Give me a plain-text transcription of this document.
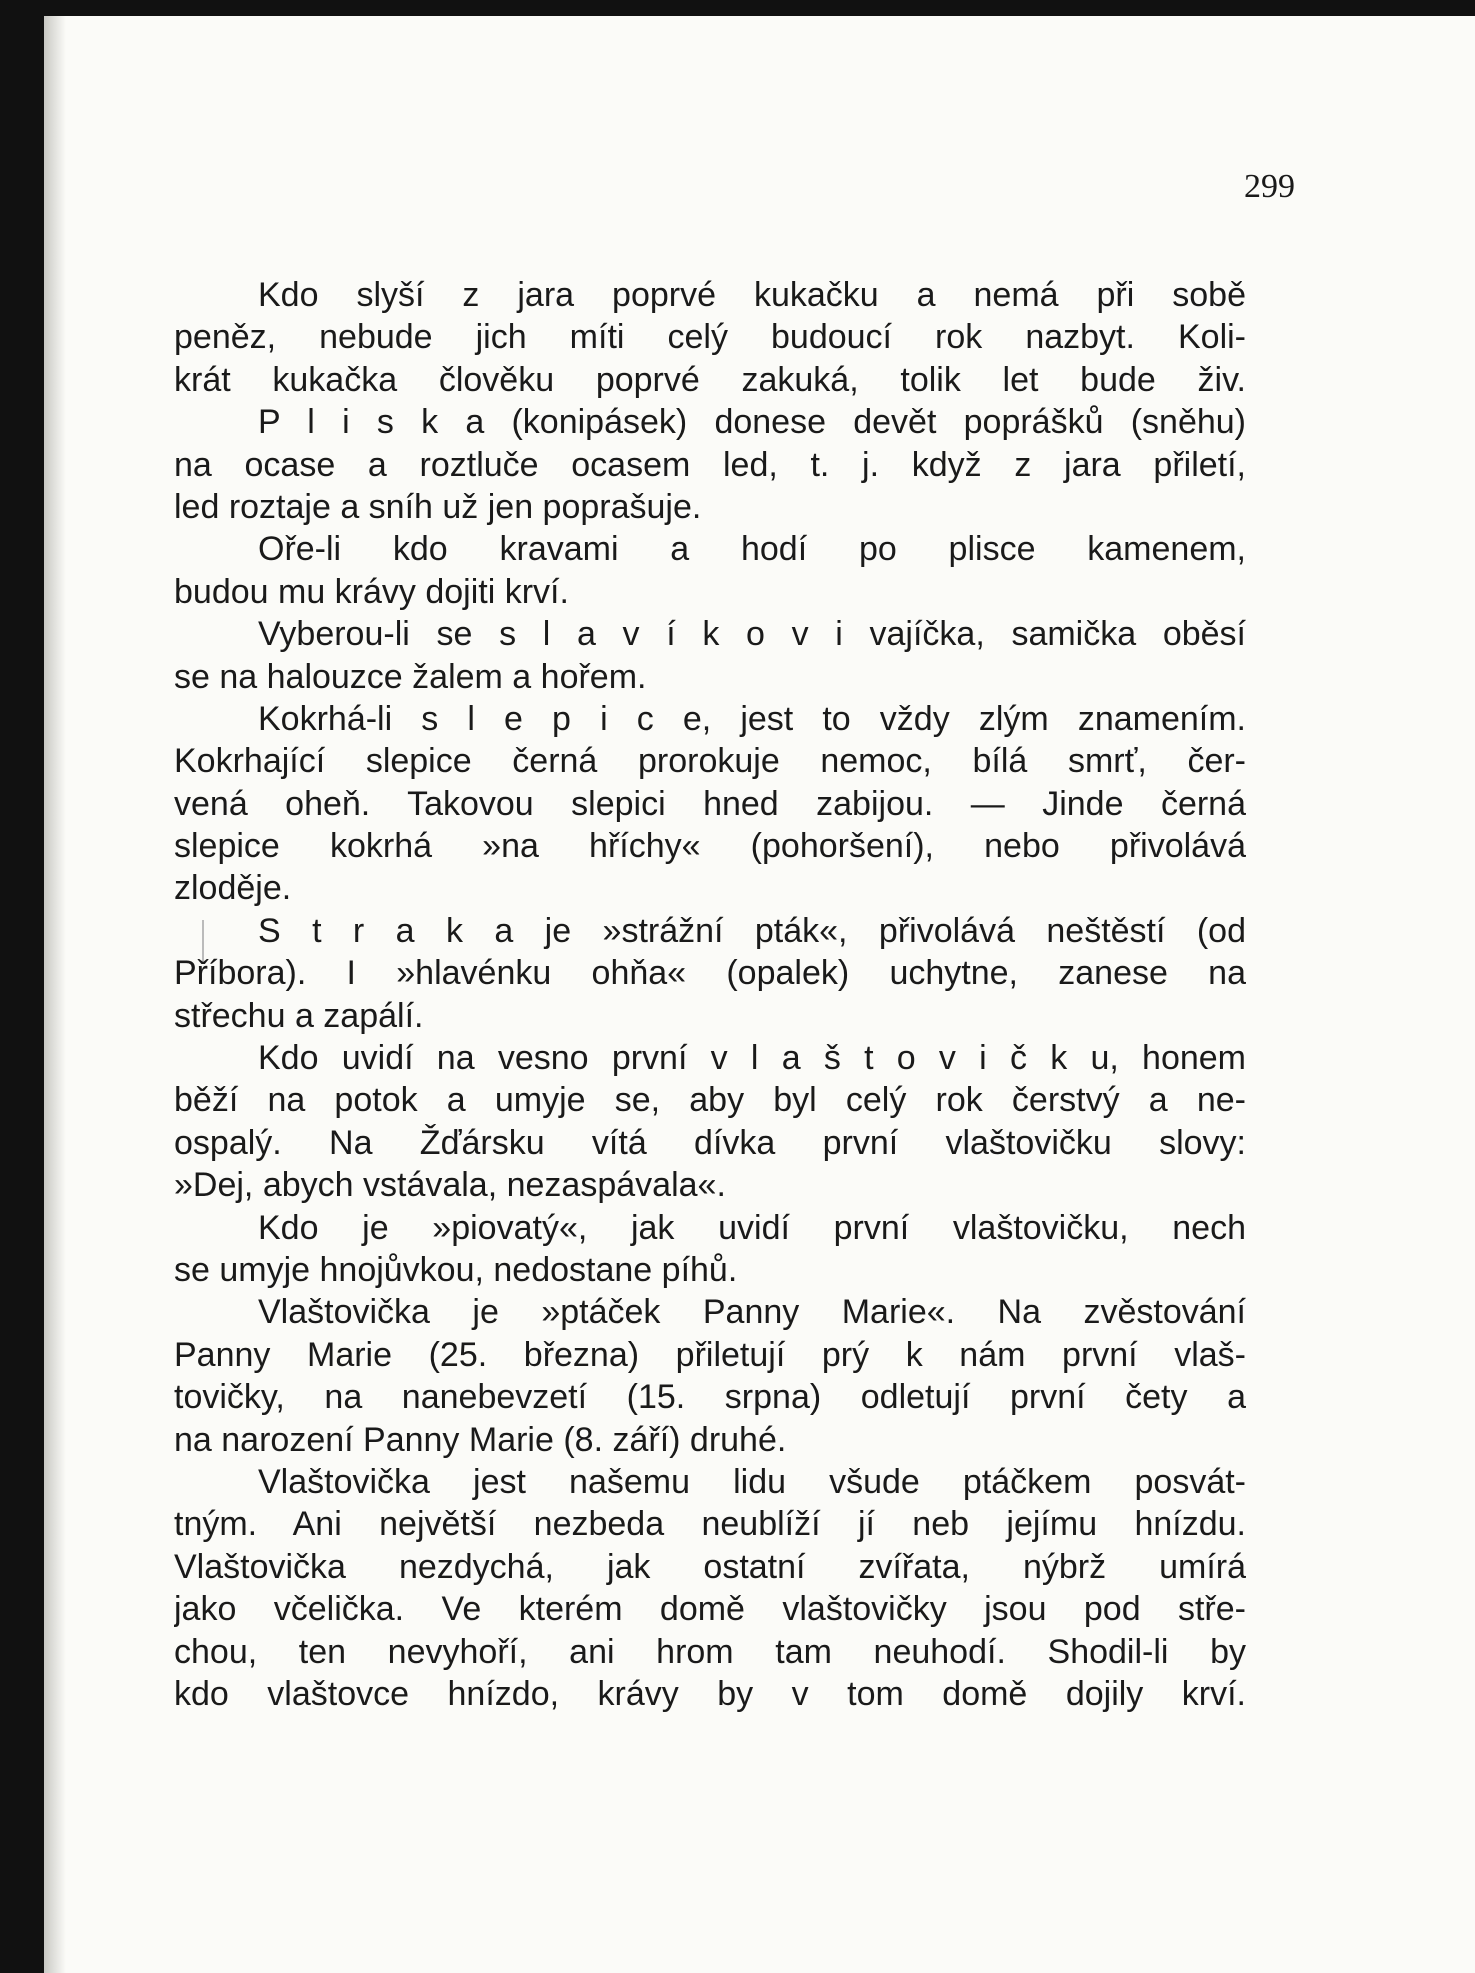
299
Kdo slyší z jara poprvé kukačku a nemá při sobě
peněz, nebude jich míti celý budoucí rok nazbyt. Koli-
krát kukačka člověku poprvé zakuká, tolik let bude živ.
P l i s k a (konipásek) donese devět poprášků (sněhu)
na ocase a roztluče ocasem led, t. j. když z jara přiletí,
led roztaje a sníh už jen poprašuje.
Oře-li kdo kravami a hodí po plisce kamenem,
budou mu krávy dojiti krví.
Vyberou-li se s l a v í k o v i vajíčka, samička oběsí
se na halouzce žalem a hořem.
Kokrhá-li s l e p i c e, jest to vždy zlým znamením.
Kokrhající slepice černá prorokuje nemoc, bílá smrť, čer-
vená oheň. Takovou slepici hned zabijou. — Jinde černá
slepice kokrhá »na hříchy« (pohoršení), nebo přivolává
zloděje.
S t r a k a je »strážní pták«, přivolává neštěstí (od
Příbora). I »hlavénku ohňa« (opalek) uchytne, zanese na
střechu a zapálí.
Kdo uvidí na vesno první v l a š t o v i č k u, honem
běží na potok a umyje se, aby byl celý rok čerstvý a ne-
ospalý. Na Žďársku vítá dívka první vlaštovičku slovy:
»Dej, abych vstávala, nezaspávala«.
Kdo je »piovatý«, jak uvidí první vlaštovičku, nech
se umyje hnojůvkou, nedostane píhů.
Vlaštovička je »ptáček Panny Marie«. Na zvěstování
Panny Marie (25. března) přiletují prý k nám první vlaš-
tovičky, na nanebevzetí (15. srpna) odletují první čety a
na narození Panny Marie (8. září) druhé.
Vlaštovička jest našemu lidu všude ptáčkem posvát-
tným. Ani největší nezbeda neublíží jí neb jejímu hnízdu.
Vlaštovička nezdychá, jak ostatní zvířata, nýbrž umírá
jako včelička. Ve kterém domě vlaštovičky jsou pod stře-
chou, ten nevyhoří, ani hrom tam neuhodí. Shodil-li by
kdo vlaštovce hnízdo, krávy by v tom domě dojily krví.
